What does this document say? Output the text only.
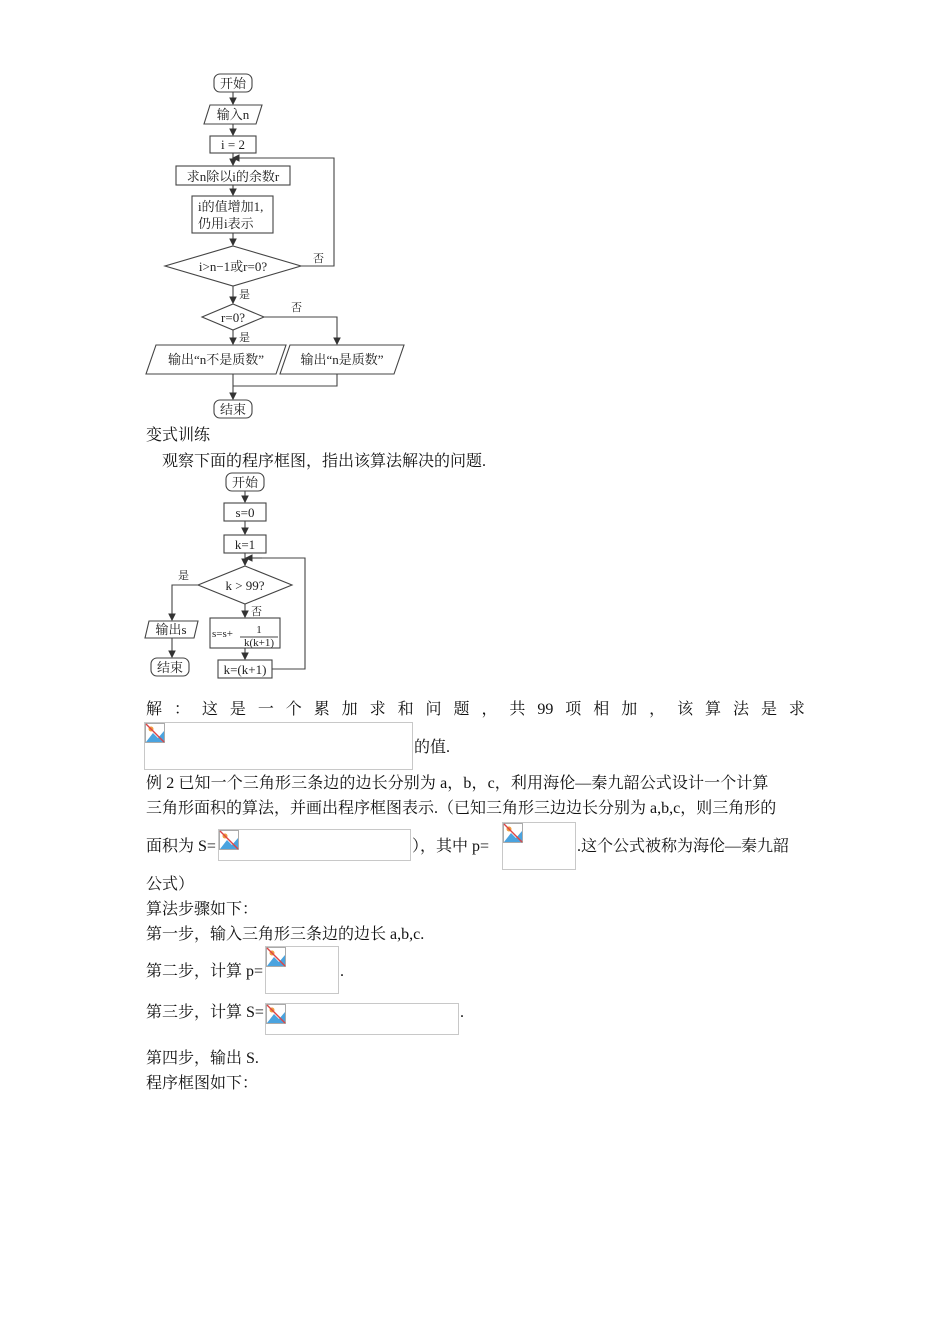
开始
输入n
i = 2
求n除以i的余数r
i的值增加1,
仍用i表示
i>n−1或r=0?
r=0?
输出“n不是质数”	输出“n是质数”
结束
否
是
否
是
变式训练
观察下面的程序框图，指出该算法解决的问题.
开始
s=0
k=1
k > 99?
输出s
结束	k=(k+1)
s=s+ 1
k(k+1)
是
否
解 ： 这 是 一 个 累 加 求 和 问 题 ， 共 99 项 相 加 ， 该 算 法 是 求
的值.
例 2 已知一个三角形三条边的边长分别为 a，b，c，利用海伦—秦九韶公式设计一个计算
三角形面积的算法，并画出程序框图表示.（已知三角形三边边长分别为 a,b,c，则三角形的
面积为 S=	），其中 p=	.这个公式被称为海伦—秦九韶
公式）
算法步骤如下：
第一步，输入三角形三条边的边长 a,b,c.
第二步，计算 p=	.
第三步，计算 S=	.
第四步，输出 S.
程序框图如下：
